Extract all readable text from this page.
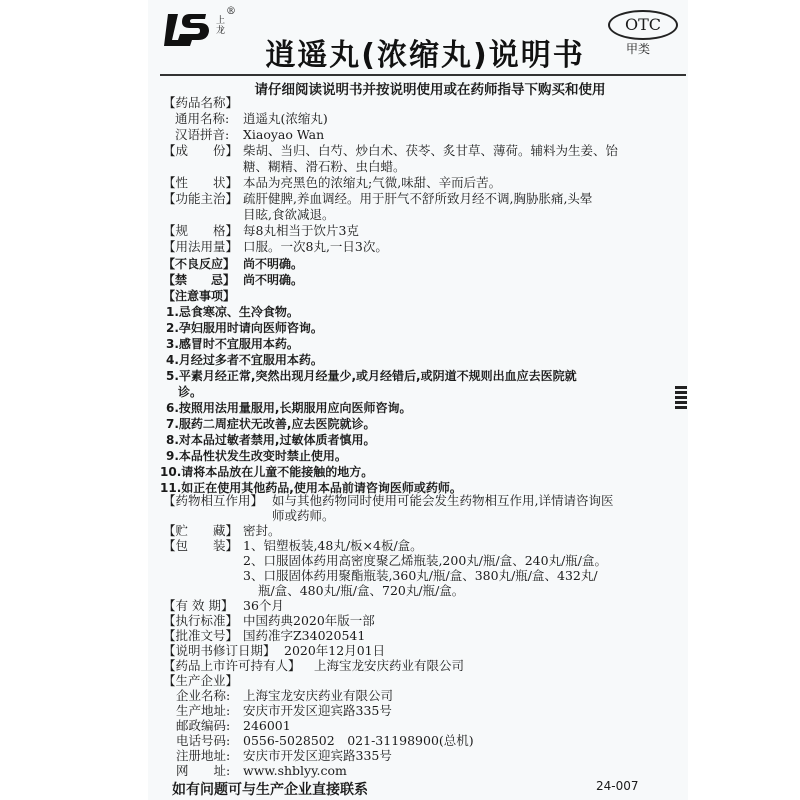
®
上龙
逍遥丸(浓缩丸)说明书
OTC
甲类
请仔细阅读说明书并按说明使用或在药师指导下购买和使用
【药品名称】
通用名称: 逍遥丸(浓缩丸)
汉语拼音: Xiaoyao Wan
【成　　份】 柴胡、当归、白芍、炒白术、茯苓、炙甘草、薄荷。辅料为生姜、饴
糖、糊精、滑石粉、虫白蜡。
【性　　状】 本品为亮黑色的浓缩丸;气微,味甜、辛而后苦。
【功能主治】 疏肝健脾,养血调经。用于肝气不舒所致月经不调,胸胁胀痛,头晕
目眩,食欲减退。
【规　　格】 每8丸相当于饮片3克
【用法用量】 口服。一次8丸,一日3次。
【不良反应】 尚不明确。
【禁　　忌】 尚不明确。
【注意事项】
1.忌食寒凉、生冷食物。
2.孕妇服用时请向医师咨询。
3.感冒时不宜服用本药。
4.月经过多者不宜服用本药。
5.平素月经正常,突然出现月经量少,或月经错后,或阴道不规则出血应去医院就
诊。
6.按照用法用量服用,长期服用应向医师咨询。
7.服药二周症状无改善,应去医院就诊。
8.对本品过敏者禁用,过敏体质者慎用。
9.本品性状发生改变时禁止使用。
10.请将本品放在儿童不能接触的地方。
11.如正在使用其他药品,使用本品前请咨询医师或药师。
【药物相互作用】 如与其他药物同时使用可能会发生药物相互作用,详情请咨询医
师或药师。
【贮　　藏】 密封。
【包　　装】 1、铝塑板装,48丸/板×4板/盒。
2、口服固体药用高密度聚乙烯瓶装,200丸/瓶/盒、240丸/瓶/盒。
3、口服固体药用聚酯瓶装,360丸/瓶/盒、380丸/瓶/盒、432丸/
瓶/盒、480丸/瓶/盒、720丸/瓶/盒。
【有 效 期】 36个月
【执行标准】 中国药典2020年版一部
【批准文号】 国药准字Z34020541
【说明书修订日期】 2020年12月01日
【药品上市许可持有人】 上海宝龙安庆药业有限公司
【生产企业】
如有问题可与生产企业直接联系	24-007
企业名称: 上海宝龙安庆药业有限公司
生产地址: 安庆市开发区迎宾路335号
邮政编码: 246001
电话号码: 0556-5028502　021-31198900(总机)
注册地址: 安庆市开发区迎宾路335号
网　　址: www.shblyy.com
